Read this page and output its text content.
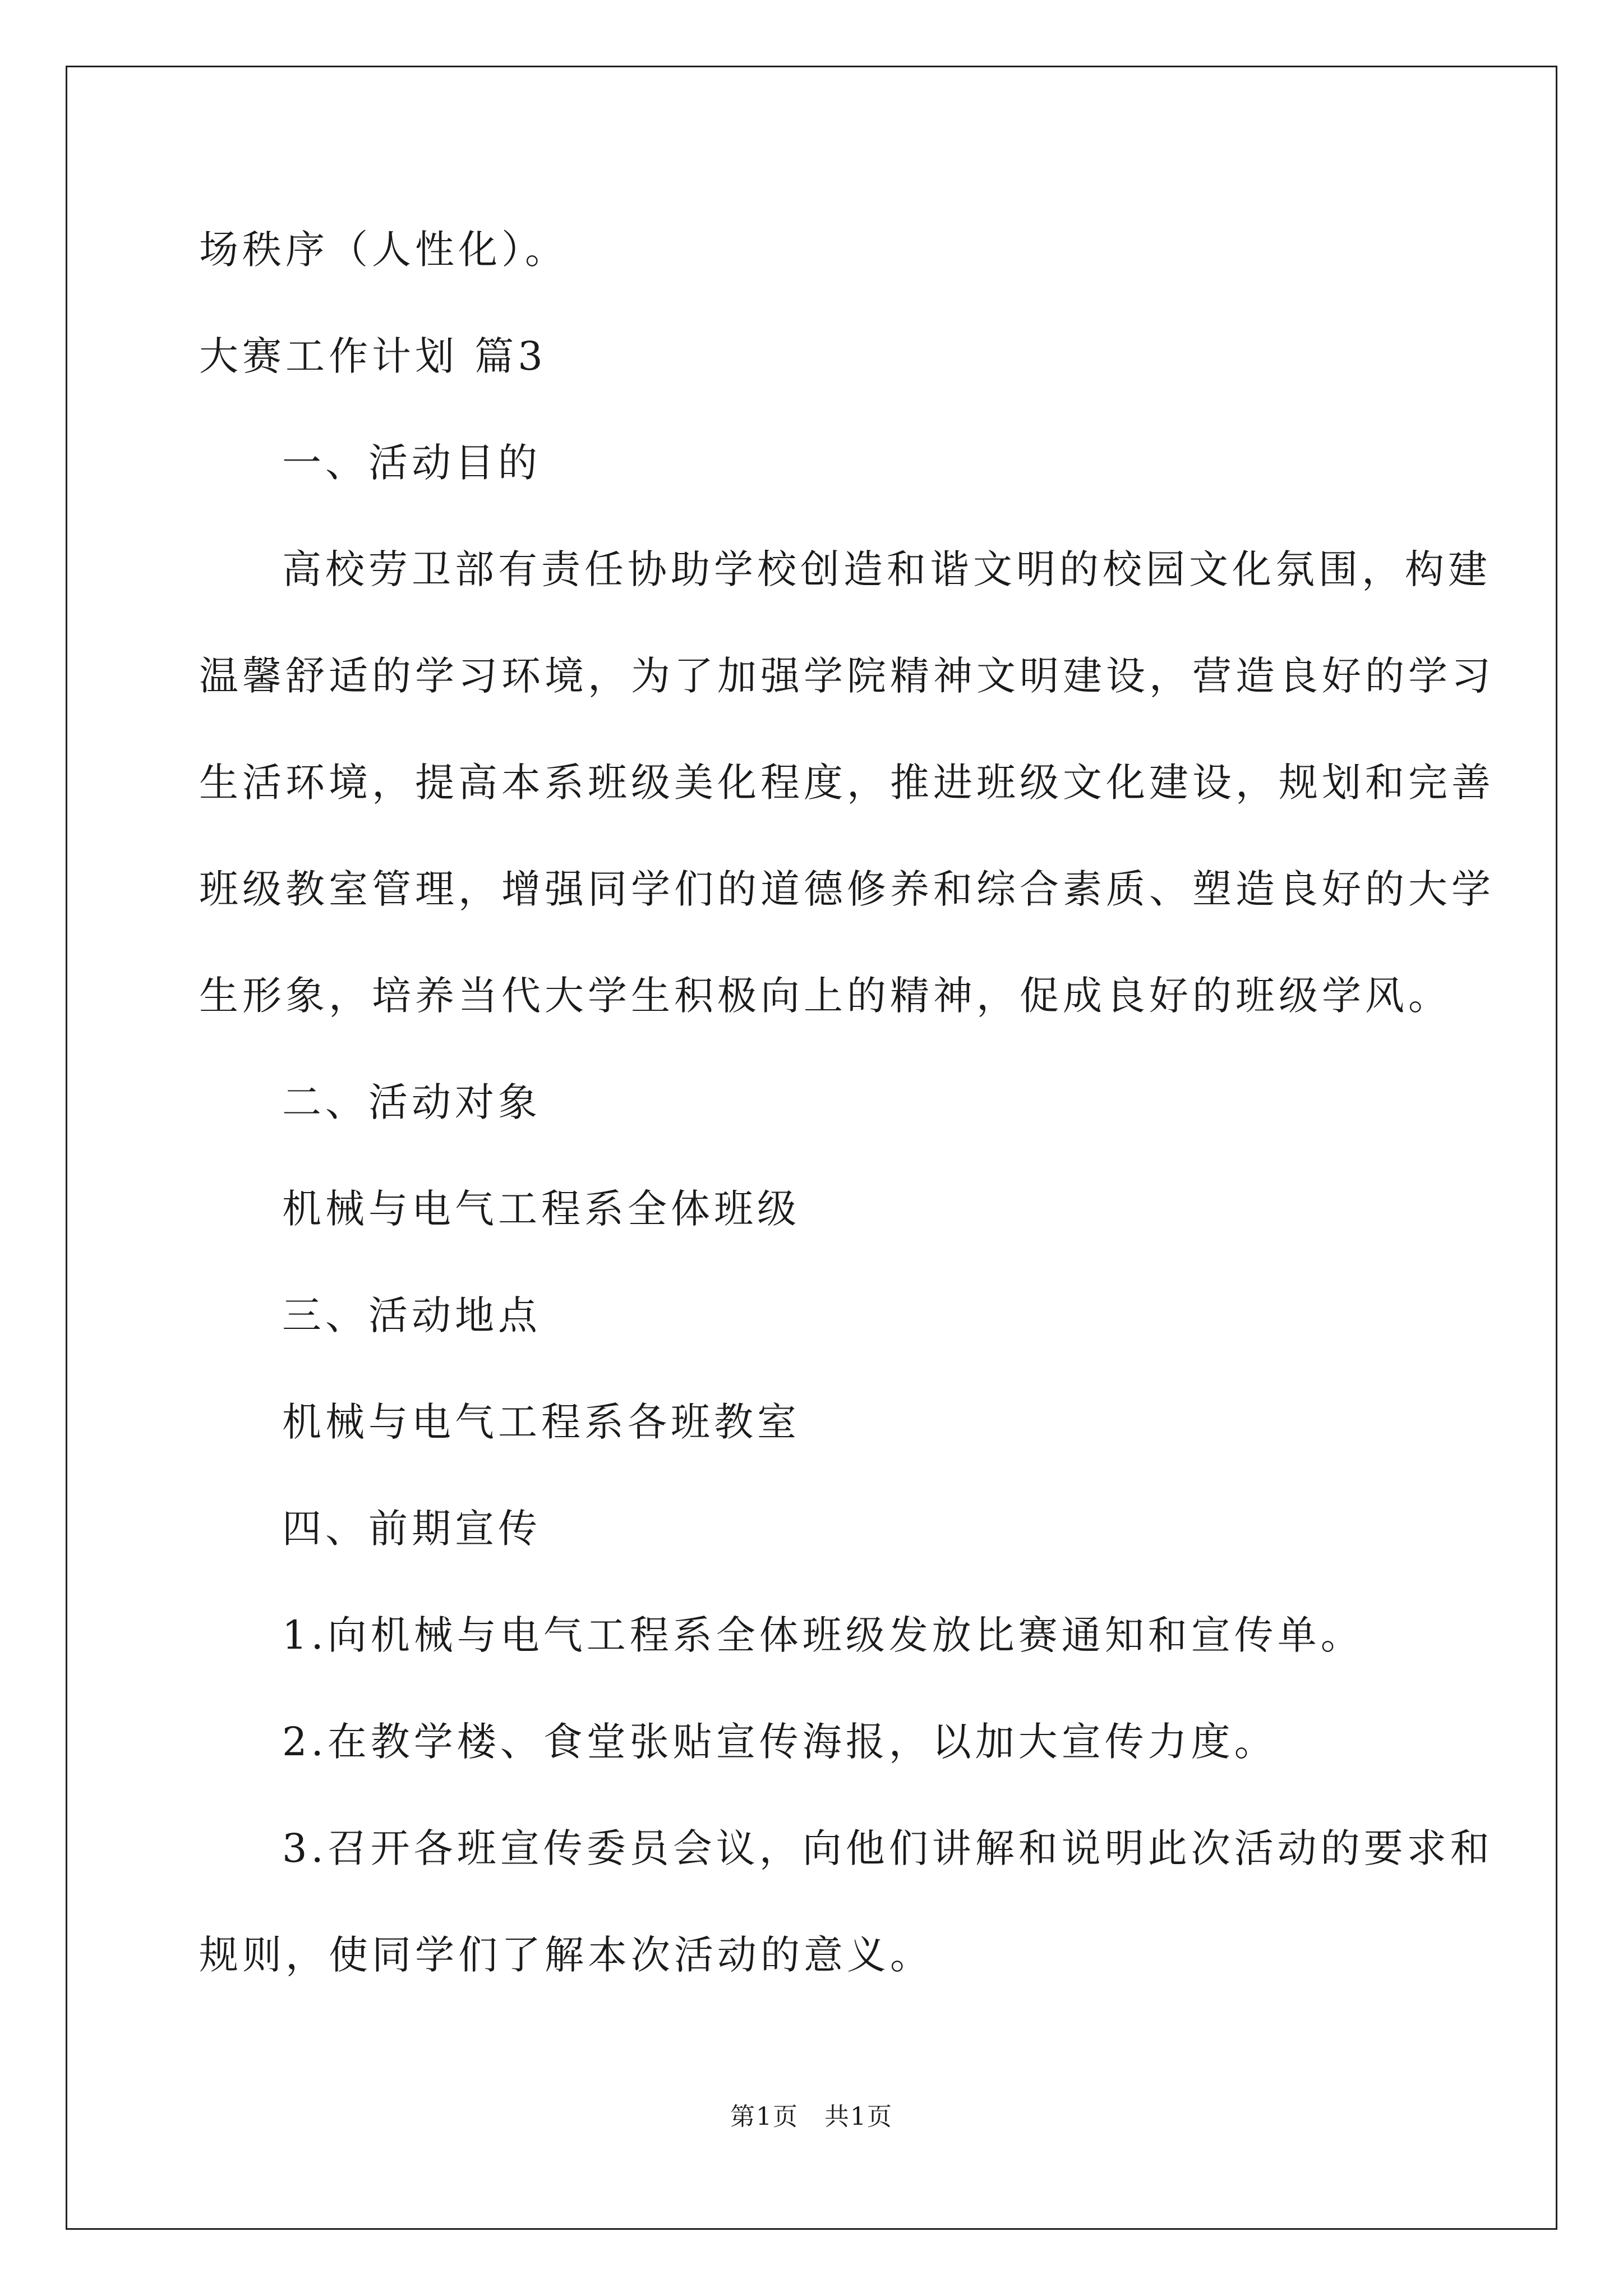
场秩序（人性化）。
大赛工作计划 篇3
一、活动目的
高校劳卫部有责任协助学校创造和谐文明的校园文化氛围，构建
温馨舒适的学习环境，为了加强学院精神文明建设，营造良好的学习
生活环境，提高本系班级美化程度，推进班级文化建设，规划和完善
班级教室管理，增强同学们的道德修养和综合素质、塑造良好的大学
生形象，培养当代大学生积极向上的精神，促成良好的班级学风。
二、活动对象
机械与电气工程系全体班级
三、活动地点
机械与电气工程系各班教室
四、前期宣传
1.向机械与电气工程系全体班级发放比赛通知和宣传单。
2.在教学楼、食堂张贴宣传海报，以加大宣传力度。
3.召开各班宣传委员会议，向他们讲解和说明此次活动的要求和
规则，使同学们了解本次活动的意义。
第1页　共1页
